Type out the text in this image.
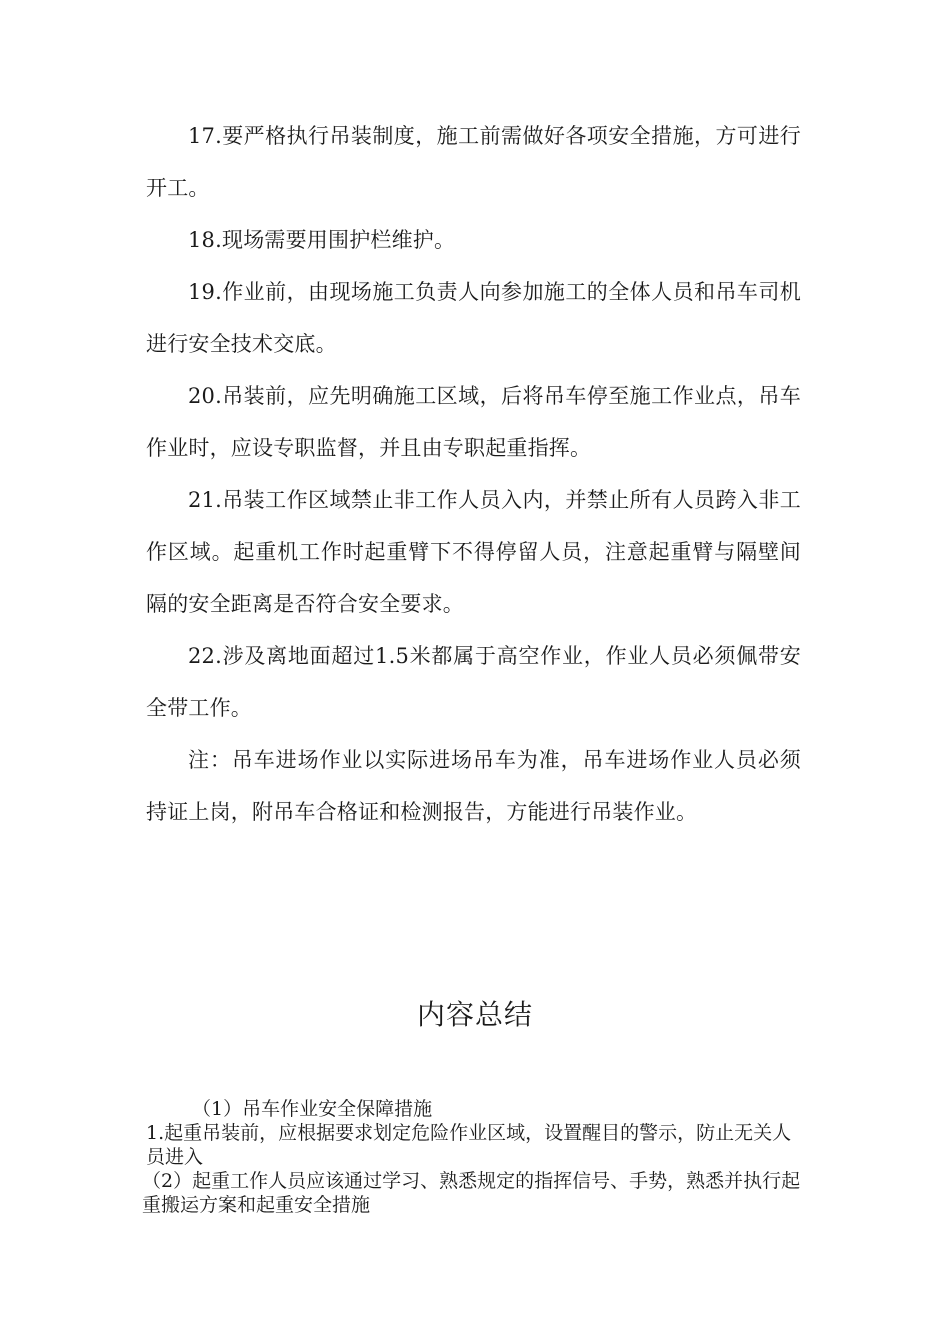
17.要严格执行吊装制度，施工前需做好各项安全措施，方可进行开工。

18.现场需要用围护栏维护。

19.作业前，由现场施工负责人向参加施工的全体人员和吊车司机进行安全技术交底。

20.吊装前，应先明确施工区域，后将吊车停至施工作业点，吊车作业时，应设专职监督，并且由专职起重指挥。

21.吊装工作区域禁止非工作人员入内，并禁止所有人员跨入非工作区域。起重机工作时起重臂下不得停留人员，注意起重臂与隔壁间隔的安全距离是否符合安全要求。

22.涉及离地面超过1.5米都属于高空作业，作业人员必须佩带安全带工作。

注：吊车进场作业以实际进场吊车为准，吊车进场作业人员必须持证上岗，附吊车合格证和检测报告，方能进行吊装作业。

内容总结

（1）吊车作业安全保障措施

1.起重吊装前，应根据要求划定危险作业区域，设置醒目的警示，防止无关人员进入

（2）起重工作人员应该通过学习、熟悉规定的指挥信号、手势，熟悉并执行起重搬运方案和起重安全措施
